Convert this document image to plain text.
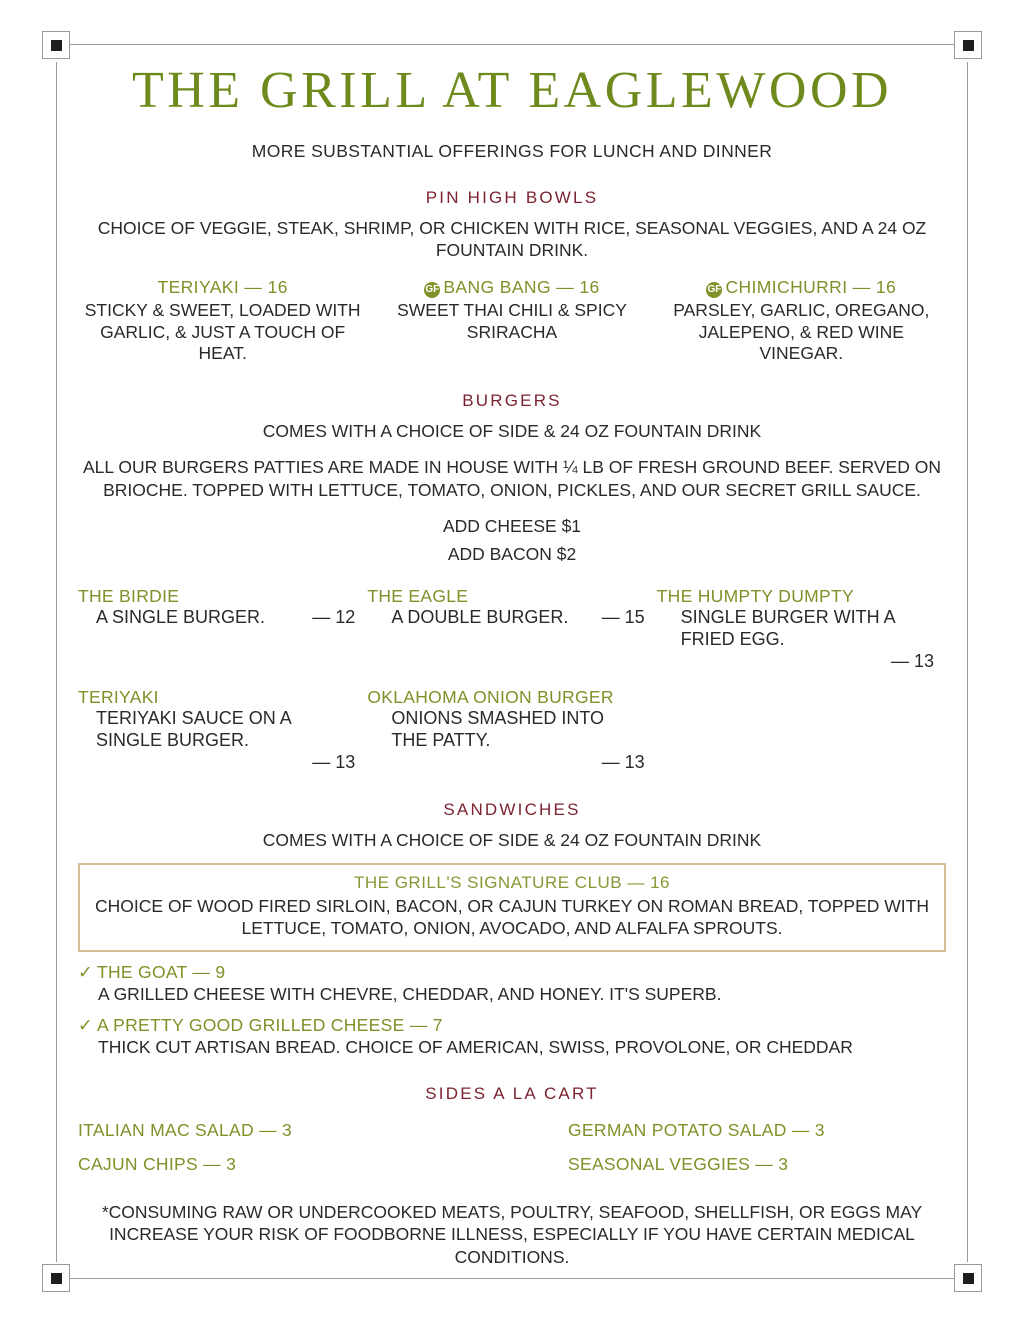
THE GRILL AT EAGLEWOOD
MORE SUBSTANTIAL OFFERINGS FOR LUNCH AND DINNER
PIN HIGH BOWLS
CHOICE OF VEGGIE, STEAK, SHRIMP, OR CHICKEN WITH RICE, SEASONAL VEGGIES, AND A 24 OZ FOUNTAIN DRINK.
TERIYAKI — 16
STICKY & SWEET, LOADED WITH GARLIC, & JUST A TOUCH OF HEAT.
GF BANG BANG — 16
SWEET THAI CHILI & SPICY SRIRACHA
GF CHIMICHURRI — 16
PARSLEY, GARLIC, OREGANO, JALEPENO, & RED WINE VINEGAR.
BURGERS
COMES WITH A CHOICE OF SIDE & 24 OZ FOUNTAIN DRINK
ALL OUR BURGERS PATTIES ARE MADE IN HOUSE WITH ¼ LB OF FRESH GROUND BEEF. SERVED ON BRIOCHE. TOPPED WITH LETTUCE, TOMATO, ONION, PICKLES, AND OUR SECRET GRILL SAUCE.
ADD CHEESE $1
ADD BACON $2
THE BIRDIE
A SINGLE BURGER.	— 12
THE EAGLE
A DOUBLE BURGER.	— 15
THE HUMPTY DUMPTY
SINGLE BURGER WITH A FRIED EGG.
— 13
TERIYAKI
TERIYAKI SAUCE ON A SINGLE BURGER.
— 13
OKLAHOMA ONION BURGER
ONIONS SMASHED INTO THE PATTY.
— 13
SANDWICHES
COMES WITH A CHOICE OF SIDE & 24 OZ FOUNTAIN DRINK
THE GRILL'S SIGNATURE CLUB — 16
CHOICE OF WOOD FIRED SIRLOIN, BACON, OR CAJUN TURKEY ON ROMAN BREAD, TOPPED WITH LETTUCE, TOMATO, ONION, AVOCADO, AND ALFALFA SPROUTS.
✓ THE GOAT — 9
A GRILLED CHEESE WITH CHEVRE, CHEDDAR, AND HONEY. IT'S SUPERB.
✓ A PRETTY GOOD GRILLED CHEESE — 7
THICK CUT ARTISAN BREAD. CHOICE OF AMERICAN, SWISS, PROVOLONE, OR CHEDDAR
SIDES A LA CART
ITALIAN MAC SALAD — 3	GERMAN POTATO SALAD — 3
CAJUN CHIPS — 3	SEASONAL VEGGIES — 3
*CONSUMING RAW OR UNDERCOOKED MEATS, POULTRY, SEAFOOD, SHELLFISH, OR EGGS MAY INCREASE YOUR RISK OF FOODBORNE ILLNESS, ESPECIALLY IF YOU HAVE CERTAIN MEDICAL CONDITIONS.
